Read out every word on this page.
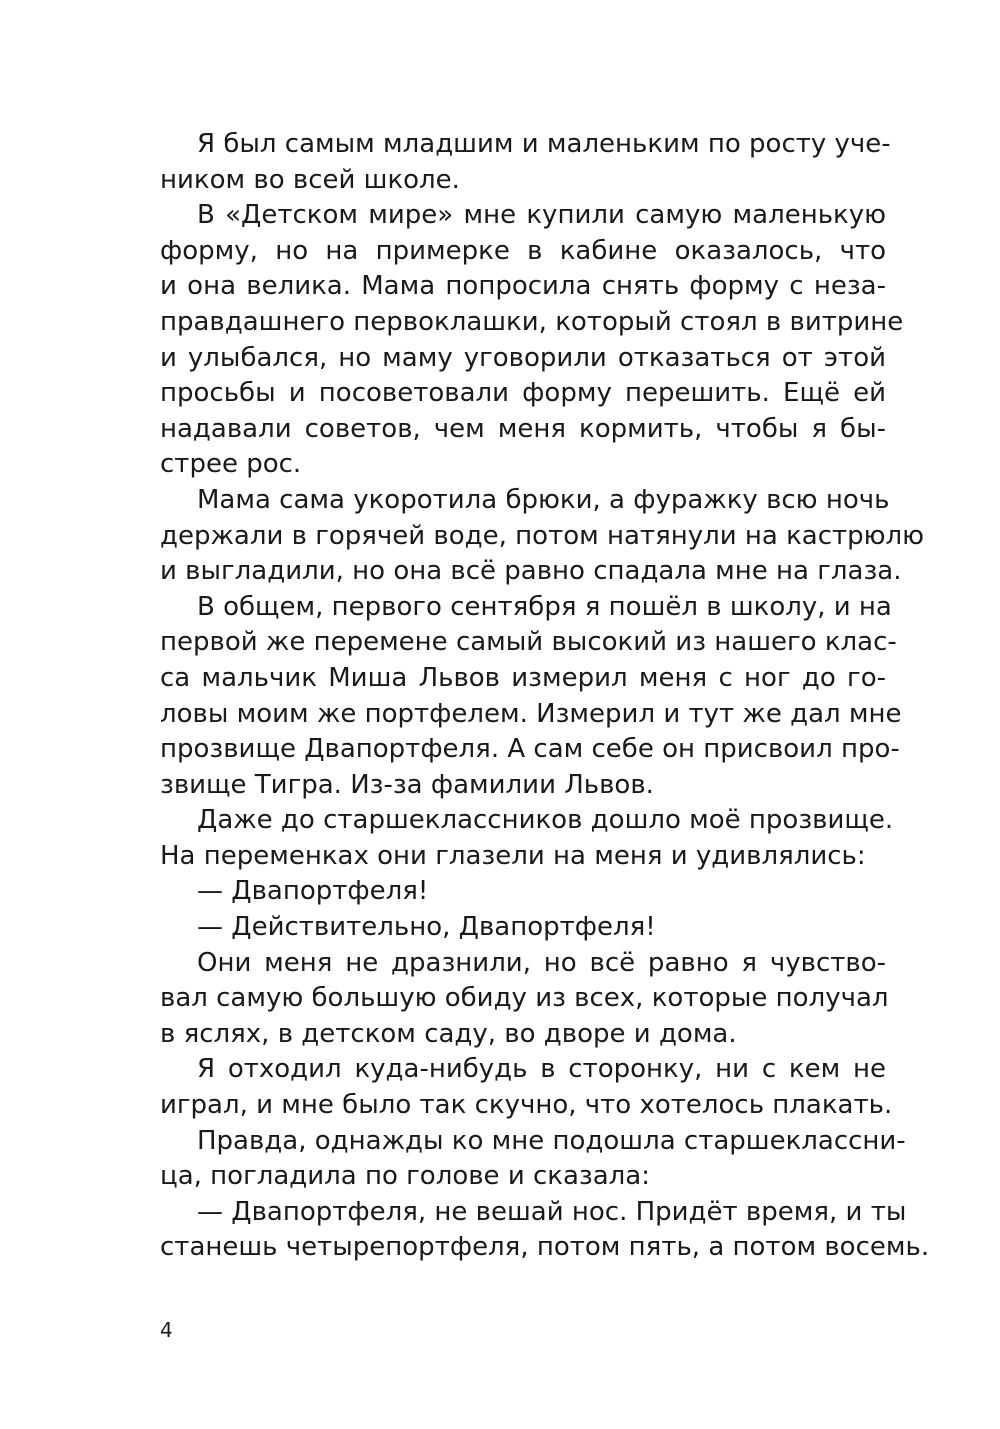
Я был самым младшим и маленьким по росту уче-
ником во всей школе.
В «Детском мире» мне купили самую маленькую
форму, но на примерке в кабине оказалось, что
и она велика. Мама попросила снять форму с неза-
правдашнего первоклашки, который стоял в витрине
и улыбался, но маму уговорили отказаться от этой
просьбы и посоветовали форму перешить. Ещё ей
надавали советов, чем меня кормить, чтобы я бы-
стрее рос.
Мама сама укоротила брюки, а фуражку всю ночь
держали в горячей воде, потом натянули на кастрюлю
и выгладили, но она всё равно спадала мне на глаза.
В общем, первого сентября я пошёл в школу, и на
первой же перемене самый высокий из нашего клас-
са мальчик Миша Львов измерил меня с ног до го-
ловы моим же портфелем. Измерил и тут же дал мне
прозвище Двапортфеля. А сам себе он присвоил про-
звище Тигра. Из-за фамилии Львов.
Даже до старшеклассников дошло моё прозвище.
На переменках они глазели на меня и удивлялись:
— Двапортфеля!
— Действительно, Двапортфеля!
Они меня не дразнили, но всё равно я чувство-
вал самую большую обиду из всех, которые получал
в яслях, в детском саду, во дворе и дома.
Я отходил куда-нибудь в сторонку, ни с кем не
играл, и мне было так скучно, что хотелось плакать.
Правда, однажды ко мне подошла старшеклассни-
ца, погладила по голове и сказала:
— Двапортфеля, не вешай нос. Придёт время, и ты
станешь четырепортфеля, потом пять, а потом восемь.
4
